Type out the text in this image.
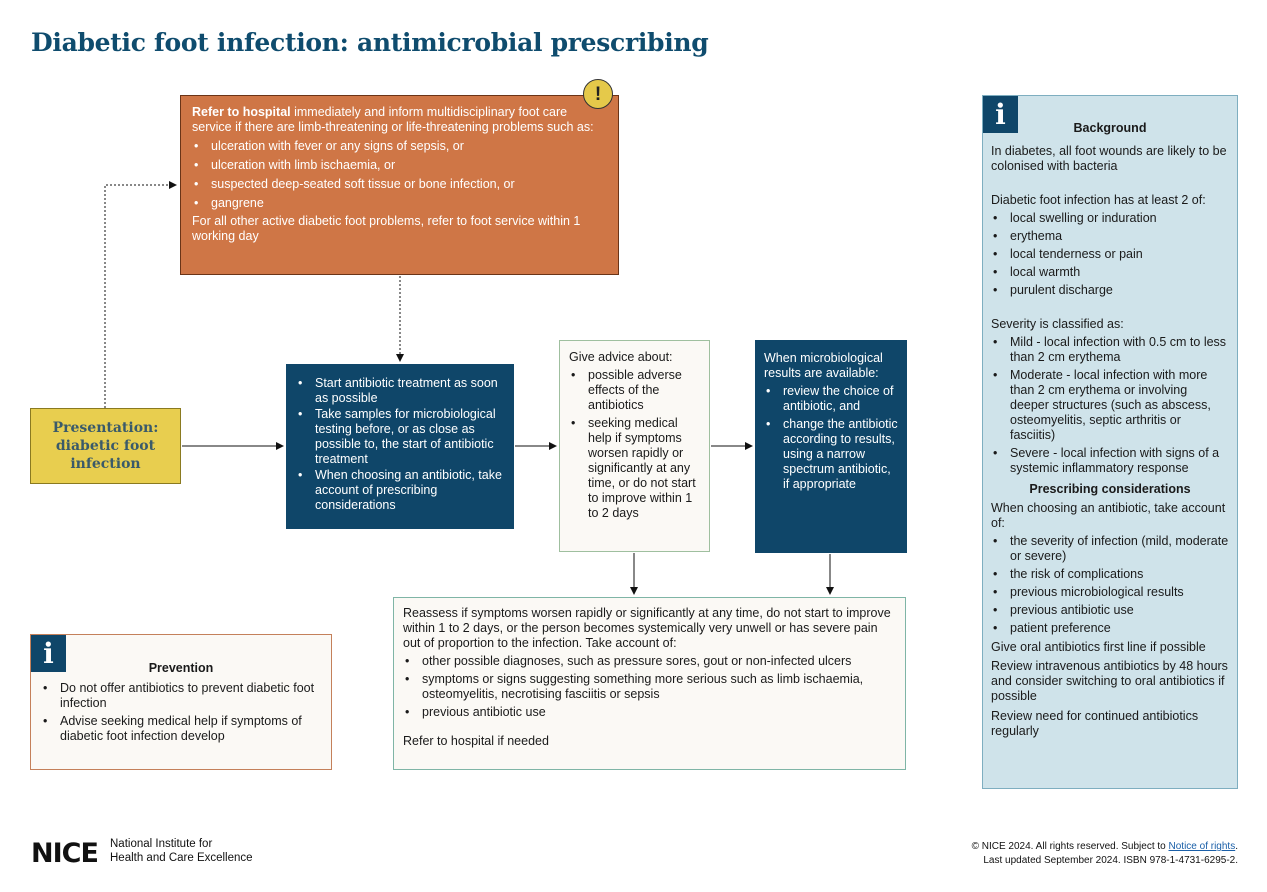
Diabetic foot infection: antimicrobial prescribing

Refer to hospital immediately and inform multidisciplinary foot care service if there are limb-threatening or life-threatening problems such as:

• ulceration with fever or any signs of sepsis, or
• ulceration with limb ischaemia, or
• suspected deep-seated soft tissue or bone infection, or
• gangrene

For all other active diabetic foot problems, refer to foot service within 1 working day

!
Presentation: diabetic foot infection
• Start antibiotic treatment as soon as possible
• Take samples for microbiological testing before, or as close as possible to, the start of antibiotic treatment
• When choosing an antibiotic, take account of prescribing considerations
Give advice about:
• possible adverse effects of the antibiotics
• seeking medical help if symptoms worsen rapidly or significantly at any time, or do not start to improve within 1 to 2 days
When microbiological results are available:
• review the choice of antibiotic, and
• change the antibiotic according to results, using a narrow spectrum antibiotic, if appropriate

Reassess if symptoms worsen rapidly or significantly at any time, do not start to improve within 1 to 2 days, or the person becomes systemically very unwell or has severe pain out of proportion to the infection. Take account of:

• other possible diagnoses, such as pressure sores, gout or non-infected ulcers
• symptoms or signs suggesting something more serious such as limb ischaemia, osteomyelitis, necrotising fasciitis or sepsis
• previous antibiotic use

Refer to hospital if needed

i	Prevention
• Do not offer antibiotics to prevent diabetic foot infection
• Advise seeking medical help if symptoms of diabetic foot infection develop
i	Background

In diabetes, all foot wounds are likely to be colonised with bacteria

Diabetic foot infection has at least 2 of:

• local swelling or induration
• erythema
• local tenderness or pain
• local warmth
• purulent discharge

Severity is classified as:

• Mild - local infection with 0.5 cm to less than 2 cm erythema
• Moderate - local infection with more than 2 cm erythema or involving deeper structures (such as abscess, osteomyelitis, septic arthritis or fasciitis)
• Severe - local infection with signs of a systemic inflammatory response
Prescribing considerations

When choosing an antibiotic, take account of:

• the severity of infection (mild, moderate or severe)
• the risk of complications
• previous microbiological results
• previous antibiotic use
• patient preference

Give oral antibiotics first line if possible

Review intravenous antibiotics by 48 hours and consider switching to oral antibiotics if possible

Review need for continued antibiotics regularly

NICE National Institute for
Health and Care Excellence
© NICE 2024. All rights reserved. Subject to Notice of rights.
Last updated September 2024. ISBN 978-1-4731-6295-2.
